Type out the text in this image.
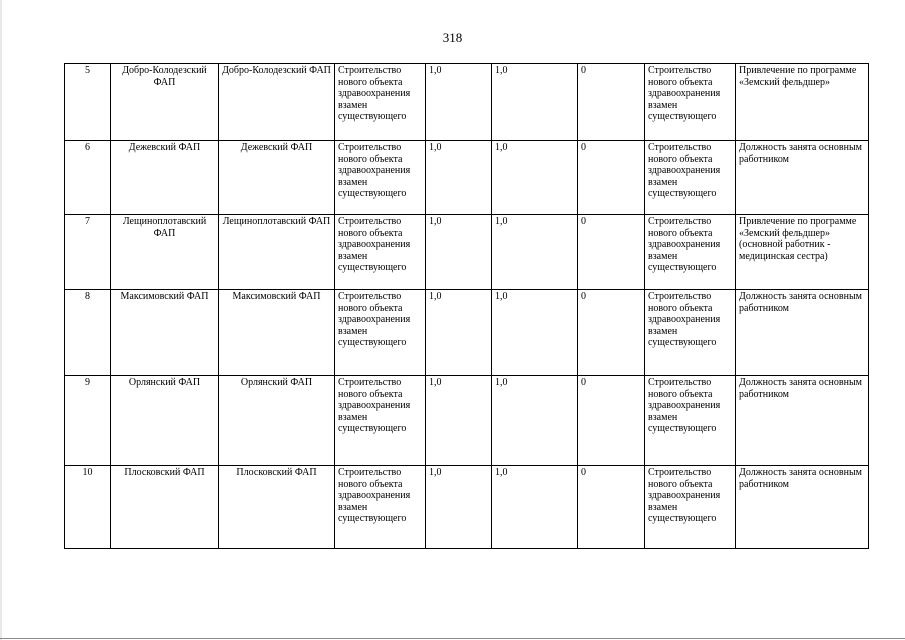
318
5	Добро-Колодезский ФАП	Добро-Колодезский ФАП	Строительство нового объекта здравоохранения взамен существующего	1,0	1,0	0	Строительство нового объекта здравоохранения взамен существующего	Привлечение по программе «Земский фельдшер»
6	Дежевский ФАП	Дежевский ФАП	Строительство нового объекта здравоохранения взамен существующего	1,0	1,0	0	Строительство нового объекта здравоохранения взамен существующего	Должность занята основным работником
7	Лещиноплотавский ФАП	Лещиноплотавский ФАП	Строительство нового объекта здравоохранения взамен существующего	1,0	1,0	0	Строительство нового объекта здравоохранения взамен существующего	Привлечение по программе «Земский фельдшер» (основной работник - медицинская сестра)
8	Максимовский ФАП	Максимовский ФАП	Строительство нового объекта здравоохранения взамен существующего	1,0	1,0	0	Строительство нового объекта здравоохранения взамен существующего	Должность занята основным работником
9	Орлянский ФАП	Орлянский ФАП	Строительство нового объекта здравоохранения взамен существующего	1,0	1,0	0	Строительство нового объекта здравоохранения взамен существующего	Должность занята основным работником
10	Плосковский ФАП	Плосковский ФАП	Строительство нового объекта здравоохранения взамен существующего	1,0	1,0	0	Строительство нового объекта здравоохранения взамен существующего	Должность занята основным работником
